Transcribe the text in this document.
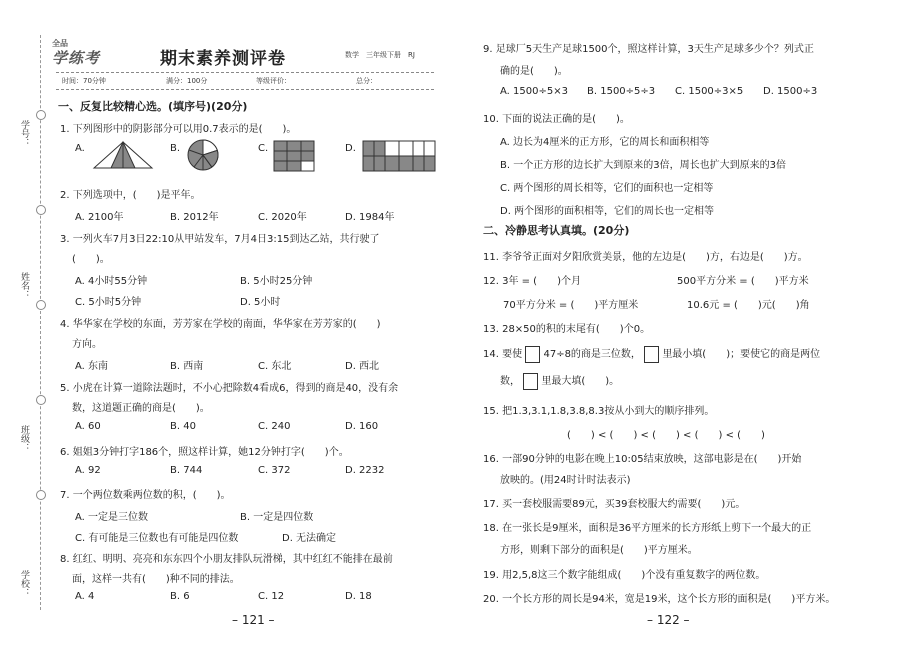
学号：
姓名：
班级：
学校：
全品
学练考	期末素养测评卷	数学　三年级下册　RJ
时间：70分钟	满分：100分	等级评价：	总分：
一、反复比较精心选。(填序号)(20分)
1. 下列图形中的阴影部分可以用0.7表示的是(　　)。
A.	B.	C.	D.
2. 下列选项中，(　　)是平年。
A. 2100年	B. 2012年	C. 2020年	D. 1984年
3. 一列火车7月3日22:10从甲站发车，7月4日3:15到达乙站，共行驶了
(　　)。
A. 4小时55分钟	B. 5小时25分钟
C. 5小时5分钟	D. 5小时
4. 华华家在学校的东面，芳芳家在学校的南面，华华家在芳芳家的(　　)
方向。
A. 东南	B. 西南	C. 东北	D. 西北
5. 小虎在计算一道除法题时，不小心把除数4看成6，得到的商是40，没有余
数，这道题正确的商是(　　)。
A. 60	B. 40	C. 240	D. 160
6. 姐姐3分钟打字186个，照这样计算，她12分钟打字(　　)个。
A. 92	B. 744	C. 372	D. 2232
7. 一个两位数乘两位数的积，(　　)。
A. 一定是三位数	B. 一定是四位数
C. 有可能是三位数也有可能是四位数	D. 无法确定
8. 红红、明明、亮亮和东东四个小朋友排队玩滑梯，其中红红不能排在最前
面，这样一共有(　　)种不同的排法。
A. 4	B. 6	C. 12	D. 18
– 121 –
9. 足球厂5天生产足球1500个，照这样计算，3天生产足球多少个？列式正
确的是(　　)。
A. 1500÷5×3 B. 1500÷5÷3 C. 1500÷3×5 D. 1500÷3
10. 下面的说法正确的是(　　)。
A. 边长为4厘米的正方形，它的周长和面积相等
B. 一个正方形的边长扩大到原来的3倍，周长也扩大到原来的3倍
C. 两个图形的周长相等，它们的面积也一定相等
D. 两个图形的面积相等，它们的周长也一定相等
二、冷静思考认真填。(20分)
11. 李爷爷正面对夕阳欣赏美景，他的左边是(　　)方，右边是(　　)方。
12. 3年 = (　　)个月	500平方分米 = (　　)平方米
70平方分米 = (　　)平方厘米	10.6元 = (　　)元(　　)角
13. 28×50的积的末尾有(　　)个0。
14. 要使 47÷8的商是三位数， 里最小填(　　)；要使它的商是两位
数， 里最大填(　　)。
15. 把1.3,3.1,1.8,3.8,8.3按从小到大的顺序排列。
(　　) < (　　) < (　　) < (　　) < (　　)
16. 一部90分钟的电影在晚上10:05结束放映，这部电影是在(　　)开始
放映的。(用24时计时法表示)
17. 买一套校服需要89元，买39套校服大约需要(　　)元。
18. 在一张长是9厘米，面积是36平方厘米的长方形纸上剪下一个最大的正
方形，则剩下部分的面积是(　　)平方厘米。
19. 用2,5,8这三个数字能组成(　　)个没有重复数字的两位数。
20. 一个长方形的周长是94米，宽是19米，这个长方形的面积是(　　)平方米。
– 122 –
